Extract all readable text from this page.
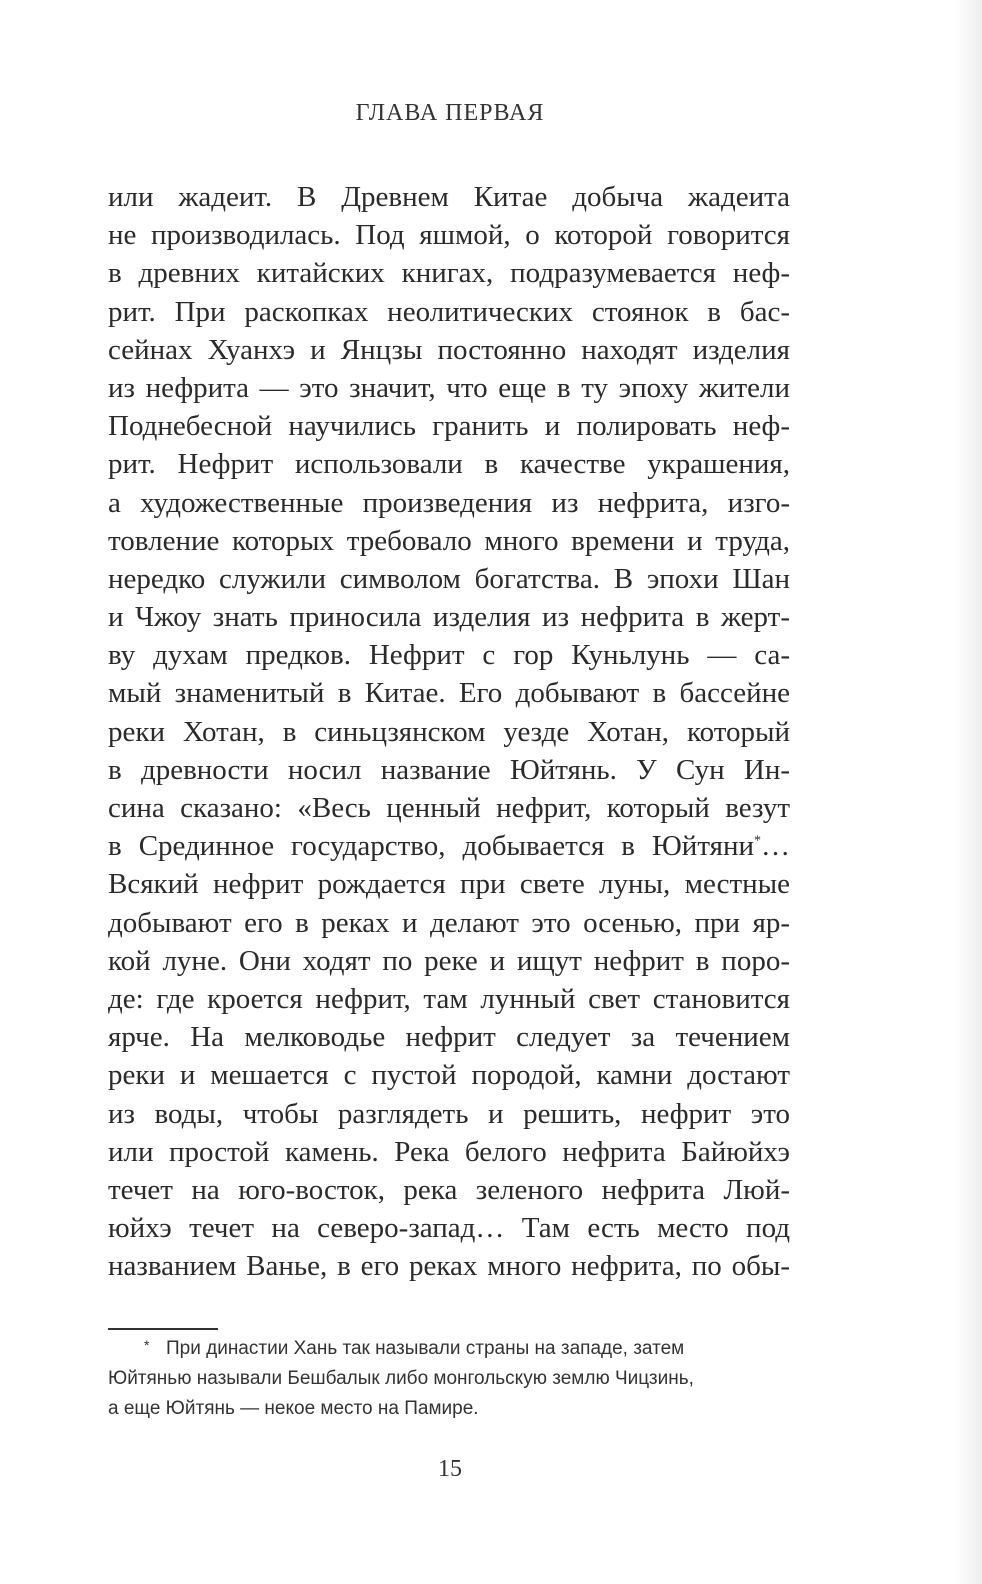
ГЛАВА ПЕРВАЯ
или жадеит. В Древнем Китае добыча жадеита
не производилась. Под яшмой, о которой говорится
в древних китайских книгах, подразумевается неф-
рит. При раскопках неолитических стоянок в бас-
сейнах Хуанхэ и Янцзы постоянно находят изделия
из нефрита — это значит, что еще в ту эпоху жители
Поднебесной научились гранить и полировать неф-
рит. Нефрит использовали в качестве украшения,
а художественные произведения из нефрита, изго-
товление которых требовало много времени и труда,
нередко служили символом богатства. В эпохи Шан
и Чжоу знать приносила изделия из нефрита в жерт-
ву духам предков. Нефрит с гор Куньлунь — са-
мый знаменитый в Китае. Его добывают в бассейне
реки Хотан, в синьцзянском уезде Хотан, который
в древности носил название Юйтянь. У Сун Ин-
сина сказано: «Весь ценный нефрит, который везут
в Срединное государство, добывается в Юйтяни*…
Всякий нефрит рождается при свете луны, местные
добывают его в реках и делают это осенью, при яр-
кой луне. Они ходят по реке и ищут нефрит в поро-
де: где кроется нефрит, там лунный свет становится
ярче. На мелководье нефрит следует за течением
реки и мешается с пустой породой, камни достают
из воды, чтобы разглядеть и решить, нефрит это
или простой камень. Река белого нефрита Байюйхэ
течет на юго-восток, река зеленого нефрита Люй-
юйхэ течет на северо-запад… Там есть место под
названием Ванье, в его реках много нефрита, по обы-
* При династии Хань так называли страны на западе, затем
Юйтянью называли Бешбалык либо монгольскую землю Чицзинь,
а еще Юйтянь — некое место на Памире.
15
